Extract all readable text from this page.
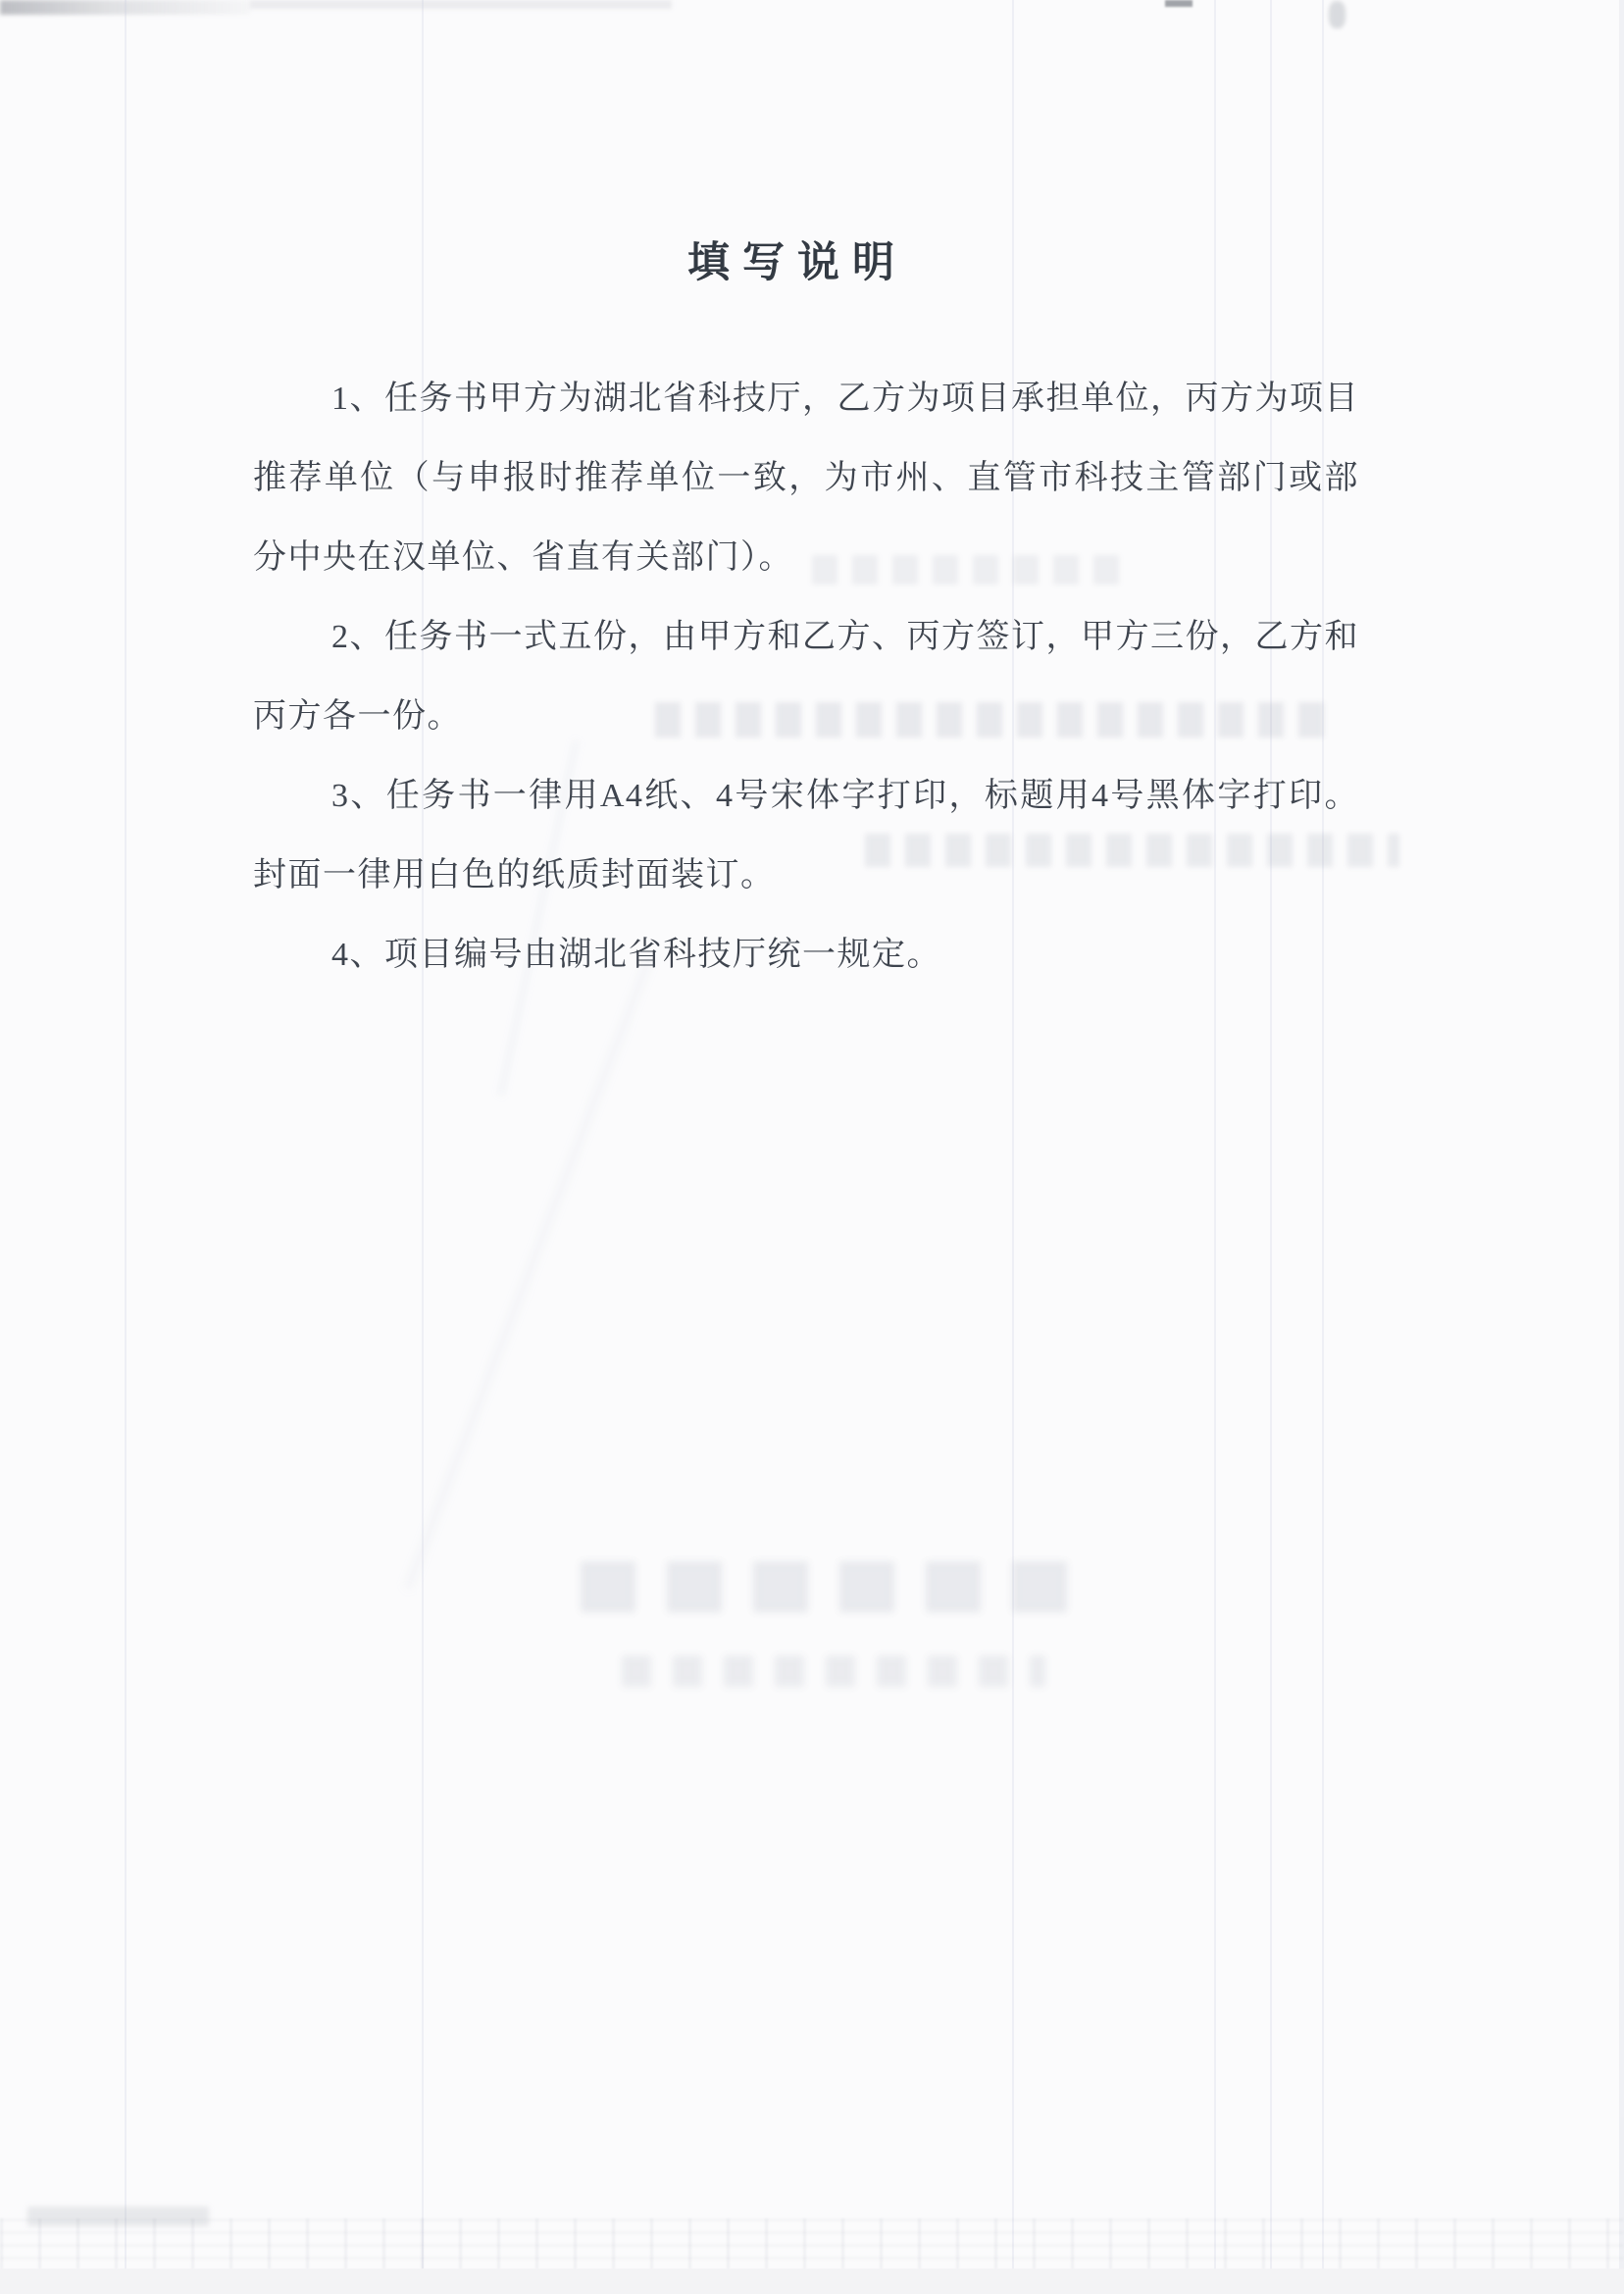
填写说明

1、任务书甲方为湖北省科技厅，乙方为项目承担单位，丙方为项目推荐单位（与申报时推荐单位一致，为市州、直管市科技主管部门或部分中央在汉单位、省直有关部门）。

2、任务书一式五份，由甲方和乙方、丙方签订，甲方三份，乙方和丙方各一份。

3、任务书一律用A4纸、4号宋体字打印，标题用4号黑体字打印。封面一律用白色的纸质封面装订。

4、项目编号由湖北省科技厅统一规定。
